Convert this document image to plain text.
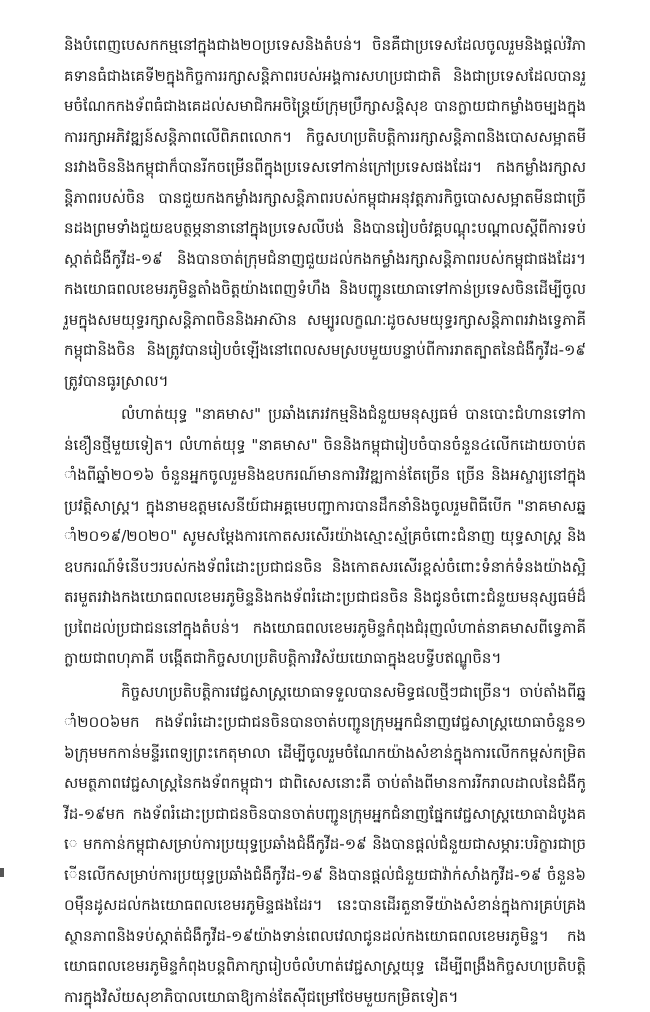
និងបំពេញបេសកកម្មនៅក្នុងជាង២០ប្រទេសនិងតំបន់។ ចិនគឺជាប្រទេសដែលចូលរួមនិងផ្តល់វិភាគទានធំជាងគេទី២ក្នុងកិច្ចការរក្សាសន្តិភាពរបស់អង្គការសហប្រជាជាតិ និងជាប្រទេសដែលបានរួមចំណែកកងទ័ពធំជាងគេដល់សមាជិកអចិន្ត្រៃយ៍ក្រុមប្រឹក្សាសន្តិសុខ បានក្លាយជាកម្លាំងចម្បងក្នុងការរក្សាអភិវឌ្ឍន៍សន្តិភាពលើពិភពលោក។ កិច្ចសហប្រតិបត្តិការរក្សាសន្តិភាពនិងបោសសម្អាតមីនរវាងចិននិងកម្ពុជាក៏បានរីកចម្រើនពីក្នុងប្រទេសទៅកាន់ក្រៅប្រទេសផងដែរ។ កងកម្លាំងរក្សាសន្តិភាពរបស់ចិន បានជួយកងកម្លាំងរក្សាសន្តិភាពរបស់កម្ពុជាអនុវត្តភារកិច្ចបោសសម្អាតមីនជាច្រើនដងព្រមទាំងជួយឧបត្ថម្ភនានានៅក្នុងប្រទេសលីបង់ និងបានរៀបចំវគ្គបណ្តុះបណ្តាលស្តីពីការទប់ស្កាត់ជំងឺកូវីដ-១៩ និងបានចាត់ក្រុមជំនាញជួយដល់កងកម្លាំងរក្សាសន្តិភាពរបស់កម្ពុជាផងដែរ។ កងយោធពលខេមរភូមិន្ទតាំងចិត្តយ៉ាងពេញទំហឹង និងបញ្ជូនយោធាទៅកាន់ប្រទេសចិនដើម្បីចូលរួមក្នុងសមយុទ្ធរក្សាសន្តិភាពចិននិងអាស៊ាន សម្បូរលក្ខណៈដូចសមយុទ្ធរក្សាសន្តិភាពរវាងទ្វេភាគីកម្ពុជានិងចិន និងត្រូវបានរៀបចំឡើងនៅពេលសមស្របមួយបន្ទាប់ពីការរាតត្បាតនៃជំងឺកូវីដ-១៩ត្រូវបានធូរស្រាល។

លំហាត់យុទ្ធ "នាគមាស" ប្រឆាំងភេរវកម្មនិងជំនួយមនុស្សធម៌ បានបោះជំហានទៅកាន់ខឿនថ្មីមួយទៀត។ លំហាត់យុទ្ធ "នាគមាស" ចិននិងកម្ពុជារៀបចំបានចំនួន៤លើកដោយចាប់តាំងពីឆ្នាំ២០១៦ ចំនួនអ្នកចូលរួមនិងឧបករណ៍មានការវិវឌ្ឍកាន់តែច្រើន ច្រើន និងអស្ចារ្យនៅក្នុងប្រវត្តិសាស្ត្រ។ ក្នុងនាមឧត្តមសេនីយ៍ជាអគ្គមេបញ្ជាការបានដឹកនាំនិងចូលរួមពិធីបើក "នាគមាសឆ្នាំ២០១៩/២០២០" សូមសម្តែងការកោតសរសើរយ៉ាងស្មោះស្ម័គ្រចំពោះជំនាញ យុទ្ធសាស្ត្រ និងឧបករណ៍ទំនើបៗរបស់កងទ័ពរំដោះប្រជាជនចិន និងកោតសរសើរខ្ពស់ចំពោះទំនាក់ទំនងយ៉ាងស្អិតរមួតរវាងកងយោធពលខេមរភូមិន្ទនិងកងទ័ពរំដោះប្រជាជនចិន និងជូនចំពោះជំនួយមនុស្សធម៌ដ៏ប្រពៃដល់ប្រជាជននៅក្នុងតំបន់។ កងយោធពលខេមរភូមិន្ទកំពុងជំរុញលំហាត់នាគមាសពីទ្វេភាគីក្លាយជាពហុភាគី បង្កើតជាកិច្ចសហប្រតិបត្តិការវិស័យយោធាក្នុងឧបទ្វីបឥណ្ឌូចិន។

កិច្ចសហប្រតិបត្តិការវេជ្ជសាស្ត្រយោធាទទួលបានសមិទ្ធផលថ្មីៗជាច្រើន។ ចាប់តាំងពីឆ្នាំ២០០៦មក កងទ័ពរំដោះប្រជាជនចិនបានចាត់បញ្ជូនក្រុមអ្នកជំនាញវេជ្ជសាស្ត្រយោធាចំនួន១៦ក្រុមមកកាន់មន្ទីរពេទ្យព្រះកេតុមាលា ដើម្បីចូលរួមចំណែកយ៉ាងសំខាន់ក្នុងការលើកកម្ពស់កម្រិតសមត្ថភាពវេជ្ជសាស្ត្រនៃកងទ័ពកម្ពុជា។ ជាពិសេសនោះគឺ ចាប់តាំងពីមានការរីករាលដាលនៃជំងឺកូវីដ-១៩មក កងទ័ពរំដោះប្រជាជនចិនបានចាត់បញ្ជូនក្រុមអ្នកជំនាញផ្នែកវេជ្ជសាស្ត្រយោធាដំបូងគេ មកកាន់កម្ពុជាសម្រាប់ការប្រយុទ្ធប្រឆាំងជំងឺកូវីដ-១៩ និងបានផ្តល់ជំនួយជាសម្ភារៈបរិក្ខារជាច្រើនលើកសម្រាប់ការប្រយុទ្ធប្រឆាំងជំងឺកូវីដ-១៩ និងបានផ្តល់ជំនួយជាវ៉ាក់សាំងកូវីដ-១៩ ចំនួន៦០ម៉ឺនដូសដល់កងយោធពលខេមរភូមិន្ទផងដែរ។ នេះបានដើរតួនាទីយ៉ាងសំខាន់ក្នុងការគ្រប់គ្រងស្ថានភាពនិងទប់ស្កាត់ជំងឺកូវីដ-១៩យ៉ាងទាន់ពេលវេលាជូនដល់កងយោធពលខេមរភូមិន្ទ។ កងយោធពលខេមរភូមិន្ទកំពុងបន្តពិភាក្សារៀបចំលំហាត់វេជ្ជសាស្ត្រយុទ្ធ ដើម្បីពង្រឹងកិច្ចសហប្រតិបត្តិការក្នុងវិស័យសុខាភិបាលយោធាឱ្យកាន់តែស៊ីជម្រៅថែមមួយកម្រិតទៀត។
